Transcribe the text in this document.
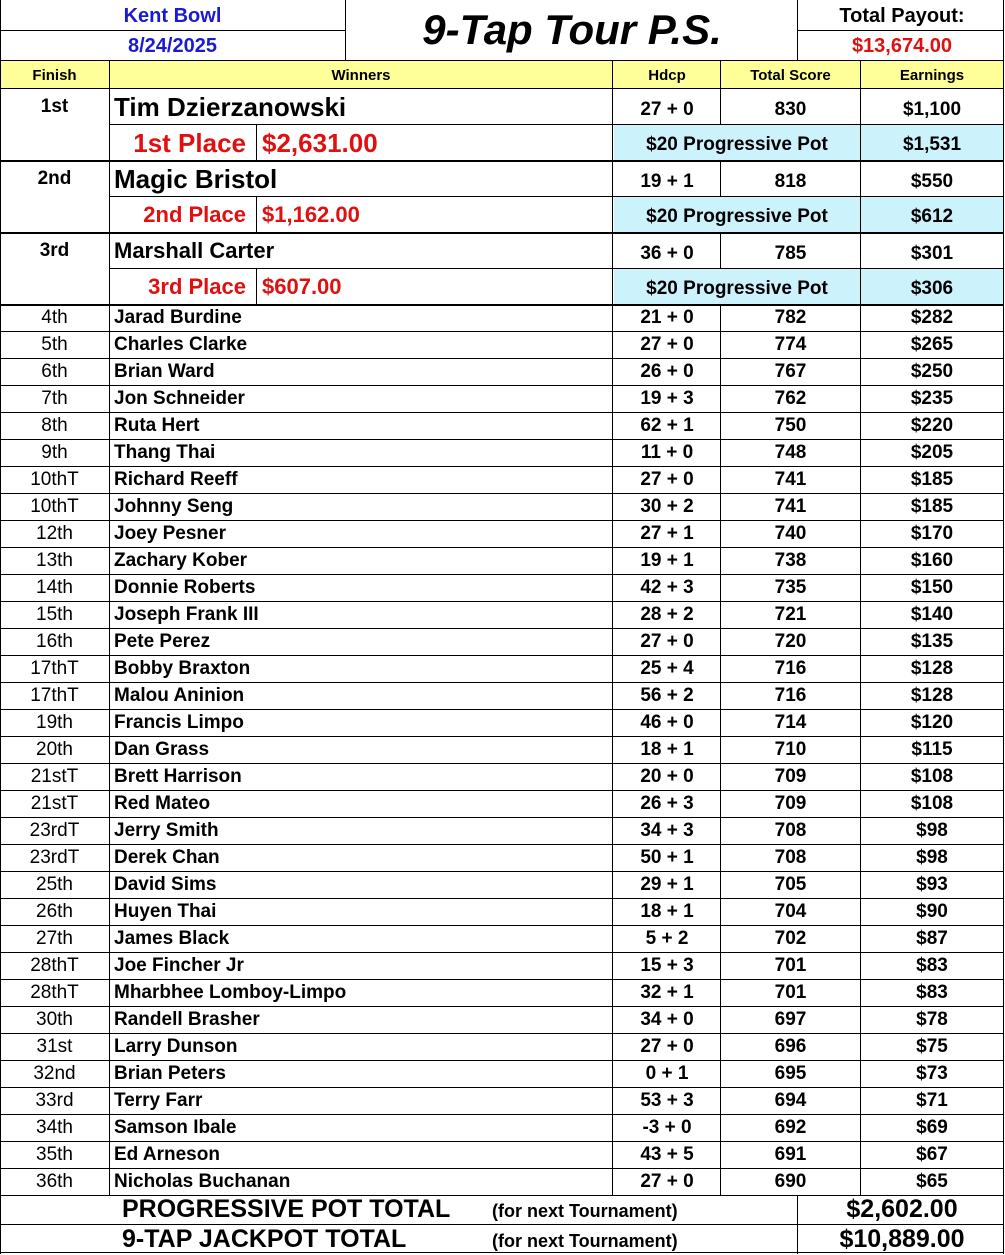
Kent Bowl
8/24/2025	9-Tap Tour P.S.	Total Payout:
$13,674.00
Finish	Winners	Hdcp	Total Score	Earnings
1st	Tim Dzierzanowski	27 + 0	830	$1,100
1st Place $2,631.00	$20 Progressive Pot	$1,531
2nd	Magic Bristol	19 + 1	818	$550
2nd Place $1,162.00	$20 Progressive Pot	$612
3rd	Marshall Carter	36 + 0	785	$301
3rd Place $607.00	$20 Progressive Pot	$306
4th	Jarad Burdine	21 + 0	782	$282
5th	Charles Clarke	27 + 0	774	$265
6th	Brian Ward	26 + 0	767	$250
7th	Jon Schneider	19 + 3	762	$235
8th	Ruta Hert	62 + 1	750	$220
9th	Thang Thai	11 + 0	748	$205
10thT	Richard Reeff	27 + 0	741	$185
10thT	Johnny Seng	30 + 2	741	$185
12th	Joey Pesner	27 + 1	740	$170
13th	Zachary Kober	19 + 1	738	$160
14th	Donnie Roberts	42 + 3	735	$150
15th	Joseph Frank III	28 + 2	721	$140
16th	Pete Perez	27 + 0	720	$135
17thT	Bobby Braxton	25 + 4	716	$128
17thT	Malou Aninion	56 + 2	716	$128
19th	Francis Limpo	46 + 0	714	$120
20th	Dan Grass	18 + 1	710	$115
21stT	Brett Harrison	20 + 0	709	$108
21stT	Red Mateo	26 + 3	709	$108
23rdT	Jerry Smith	34 + 3	708	$98
23rdT	Derek Chan	50 + 1	708	$98
25th	David Sims	29 + 1	705	$93
26th	Huyen Thai	18 + 1	704	$90
27th	James Black	5 + 2	702	$87
28thT	Joe Fincher Jr	15 + 3	701	$83
28thT	Mharbhee Lomboy-Limpo	32 + 1	701	$83
30th	Randell Brasher	34 + 0	697	$78
31st	Larry Dunson	27 + 0	696	$75
32nd	Brian Peters	0 + 1	695	$73
33rd	Terry Farr	53 + 3	694	$71
34th	Samson Ibale	-3 + 0	692	$69
35th	Ed Arneson	43 + 5	691	$67
36th	Nicholas Buchanan	27 + 0	690	$65
PROGRESSIVE POT TOTAL	(for next Tournament)	$2,602.00
9-TAP JACKPOT TOTAL	(for next Tournament)	$10,889.00
